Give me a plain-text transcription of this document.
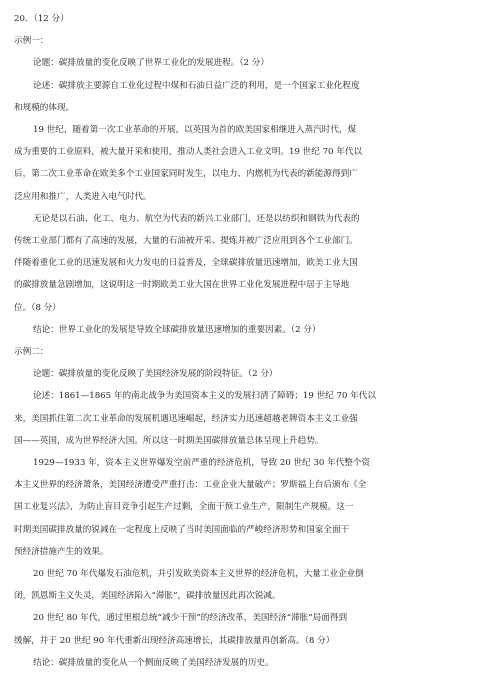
20．（12 分）
示例一：
论题：碳排放量的变化反映了世界工业化的发展进程。（2 分）
论述：碳排放主要源自工业化过程中煤和石油日益广泛的利用，是一个国家工业化程度
和规模的体现。
19 世纪，随着第一次工业革命的开展，以英国为首的欧美国家相继进入蒸汽时代，煤
成为重要的工业原料，被大量开采和使用，推动人类社会进入工业文明。19 世纪 70 年代以
后，第二次工业革命在欧美多个工业国家同时发生，以电力、内燃机为代表的新能源得到广
泛应用和推广，人类进入电气时代。
无论是以石油、化工、电力、航空为代表的新兴工业部门，还是以纺织和钢铁为代表的
传统工业部门都有了高速的发展，大量的石油被开采、提炼并被广泛应用到各个工业部门。
伴随着重化工业的迅速发展和火力发电的日益普及，全球碳排放量迅速增加，欧美工业大国
的碳排放量急剧增加，这说明这一时期欧美工业大国在世界工业化发展进程中居于主导地
位。（8 分）
结论：世界工业化的发展是导致全球碳排放量迅速增加的重要因素。（2 分）
示例二：
论题：碳排放量的变化反映了美国经济发展的阶段特征。（2 分）
论述：1861—1865 年的南北战争为美国资本主义的发展扫清了障碍；19 世纪 70 年代以
来，美国抓住第二次工业革命的发展机遇迅速崛起，经济实力迅速超越老牌资本主义工业强
国——英国，成为世界经济大国。所以这一时期美国碳排放量总体呈现上升趋势。
1929—1933 年，资本主义世界爆发空前严重的经济危机，导致 20 世纪 30 年代整个资
本主义世界的经济萧条，美国经济遭受严重打击：工业企业大量破产；罗斯福上台后颁布《全
国工业复兴法》，为防止盲目竞争引起生产过剩，全面干预工业生产，限制生产规模。这一
时期美国碳排放量的锐减在一定程度上反映了当时美国面临的严峻经济形势和国家全面干
预经济措施产生的效果。
20 世纪 70 年代爆发石油危机，并引发欧美资本主义世界的经济危机，大量工业企业倒
闭，凯恩斯主义失灵，美国经济陷入“滞胀”，碳排放量因此再次锐减。
20 世纪 80 年代，通过里根总统“减少干预”的经济改革，美国经济“滞胀”局面得到
缓解，并于 20 世纪 90 年代重新出现经济高速增长，其碳排放量再创新高。（8 分）
结论：碳排放量的变化从一个侧面反映了美国经济发展的历史。
